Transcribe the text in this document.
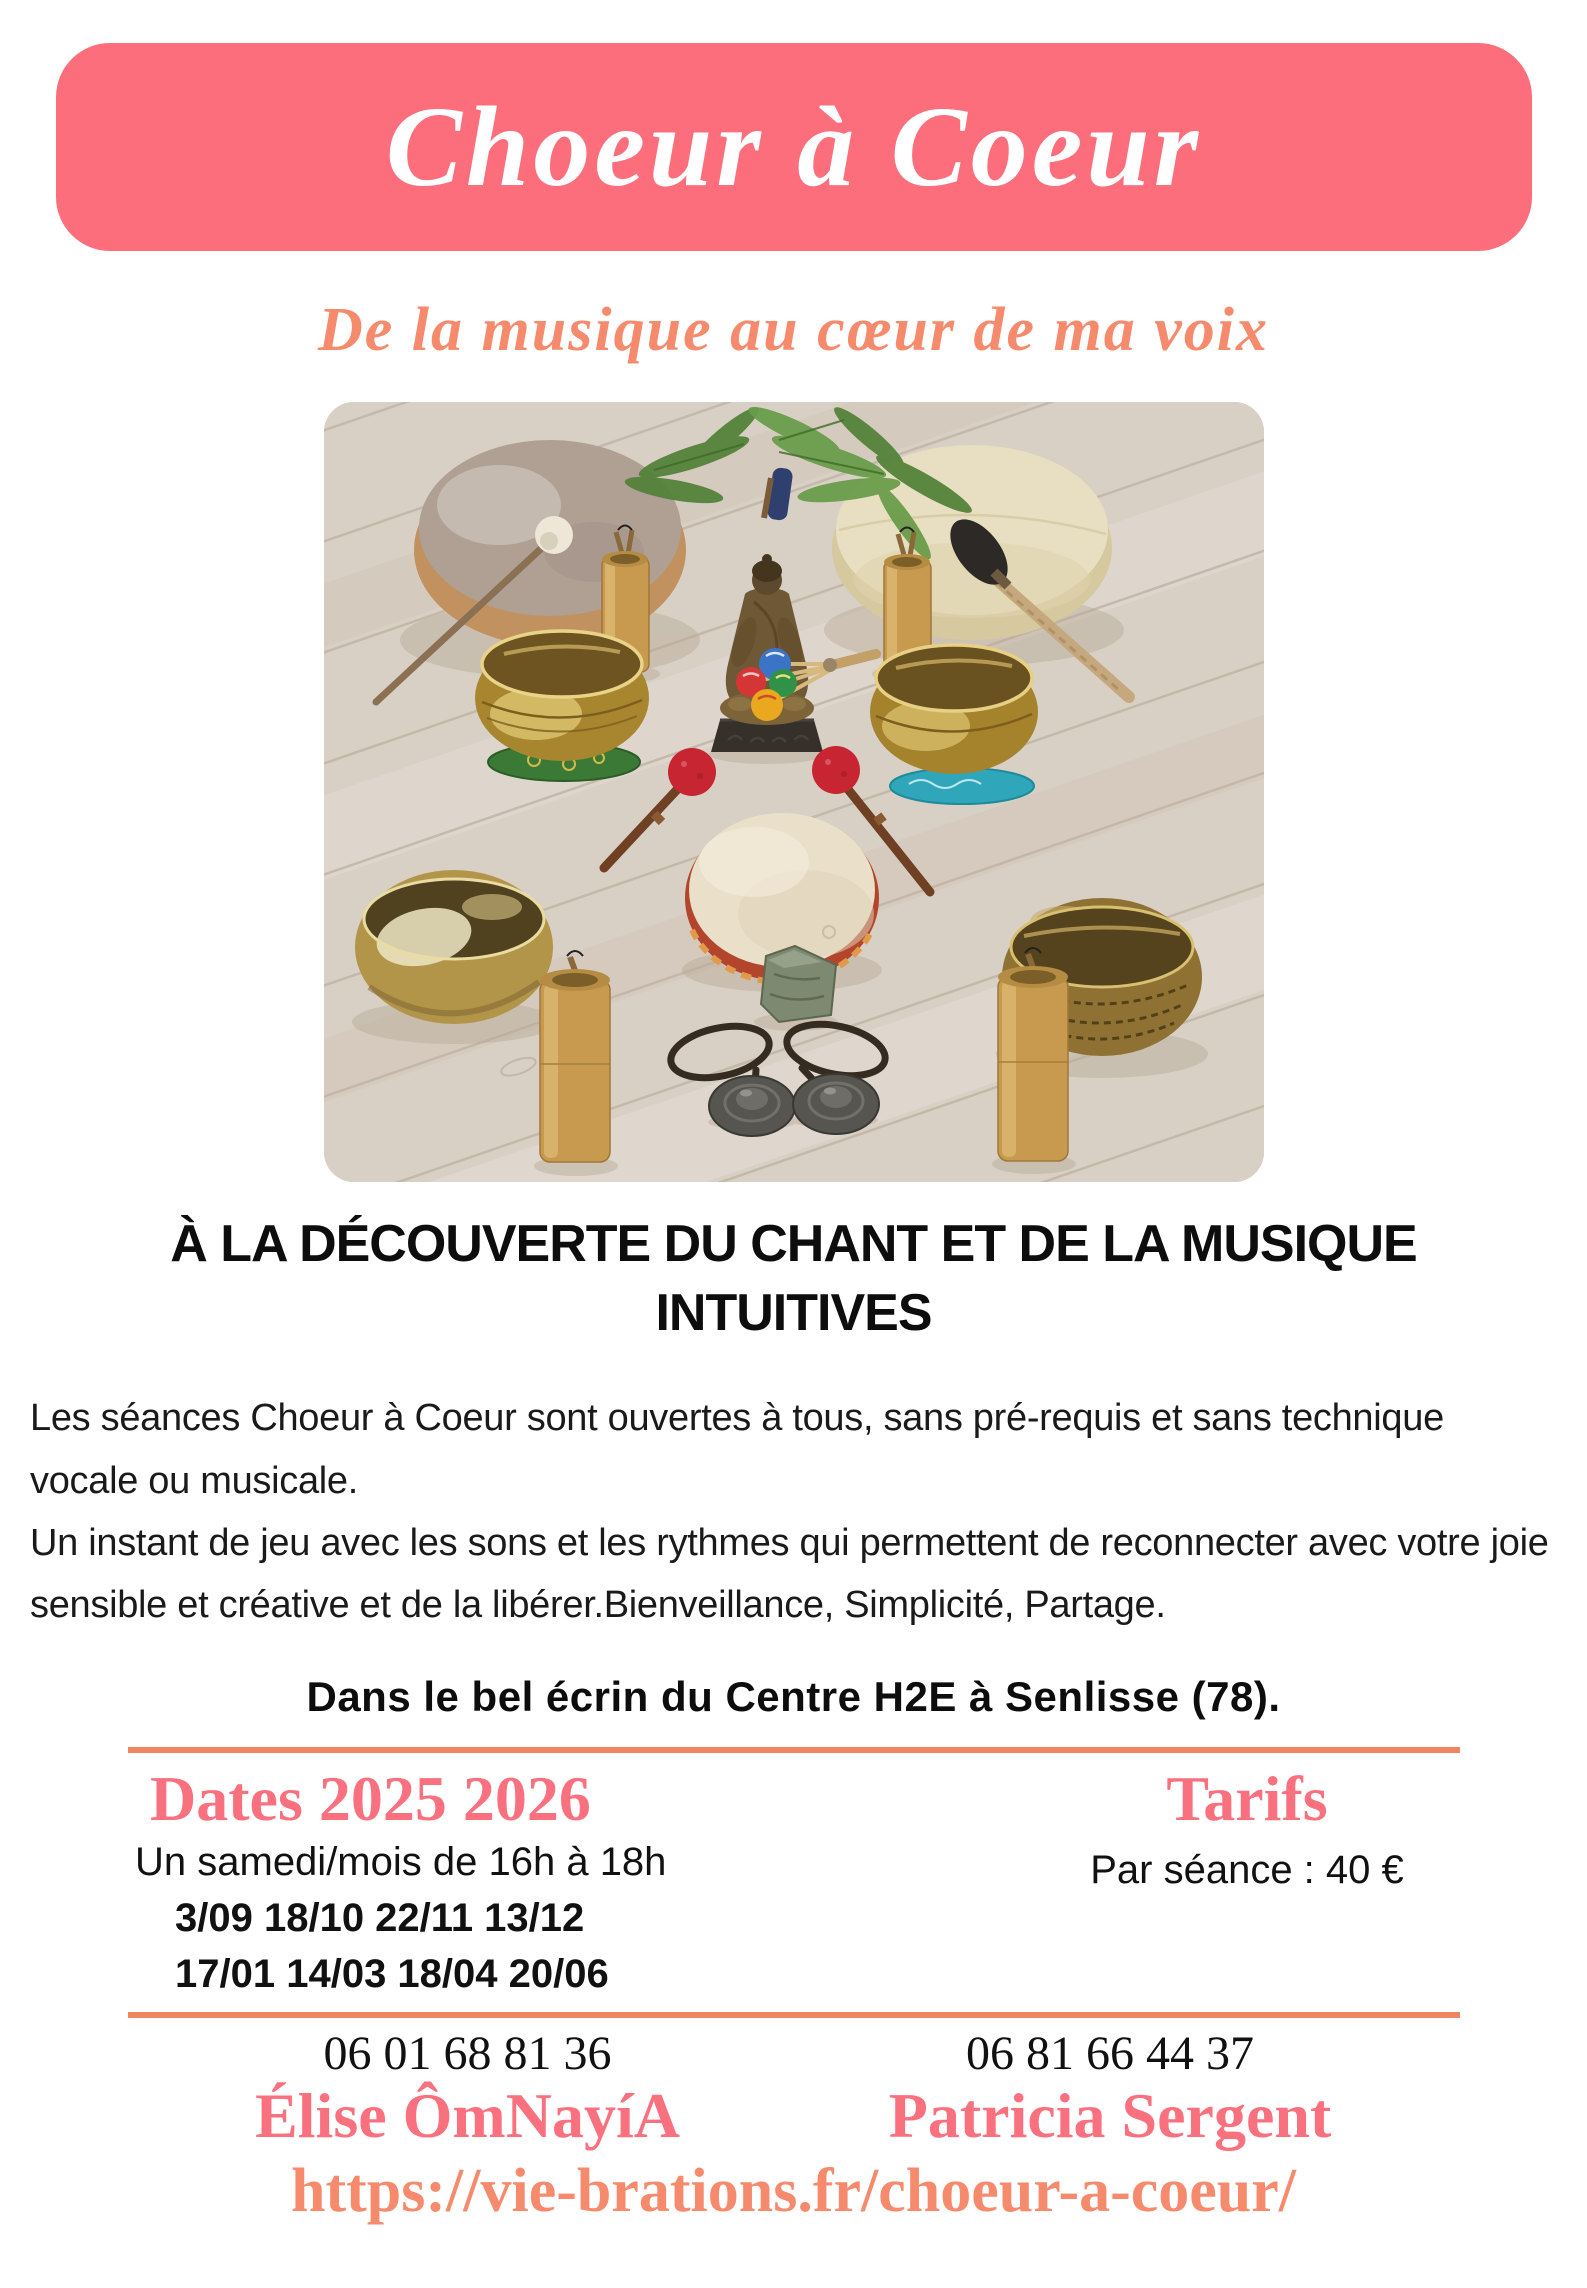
Choeur à Coeur
De la musique au cœur de ma voix
À LA DÉCOUVERTE DU CHANT ET DE LA MUSIQUE
INTUITIVES

Les séances Choeur à Coeur sont ouvertes à tous, sans pré-requis et sans technique vocale ou musicale.

Un instant de jeu avec les sons et les rythmes qui permettent de reconnecter avec votre joie sensible et créative et de la libérer.Bienveillance, Simplicité, Partage.

Dans le bel écrin du Centre H2E à Senlisse (78).
Dates 2025 2026
Un samedi/mois de 16h à 18h
3/09 18/10 22/11 13/12
17/01 14/03 18/04 20/06
Tarifs
Par séance : 40 €
06 01 68 81 36
Élise ÔmNayíA
06 81 66 44 37
Patricia Sergent
https://vie-brations.fr/choeur-a-coeur/
